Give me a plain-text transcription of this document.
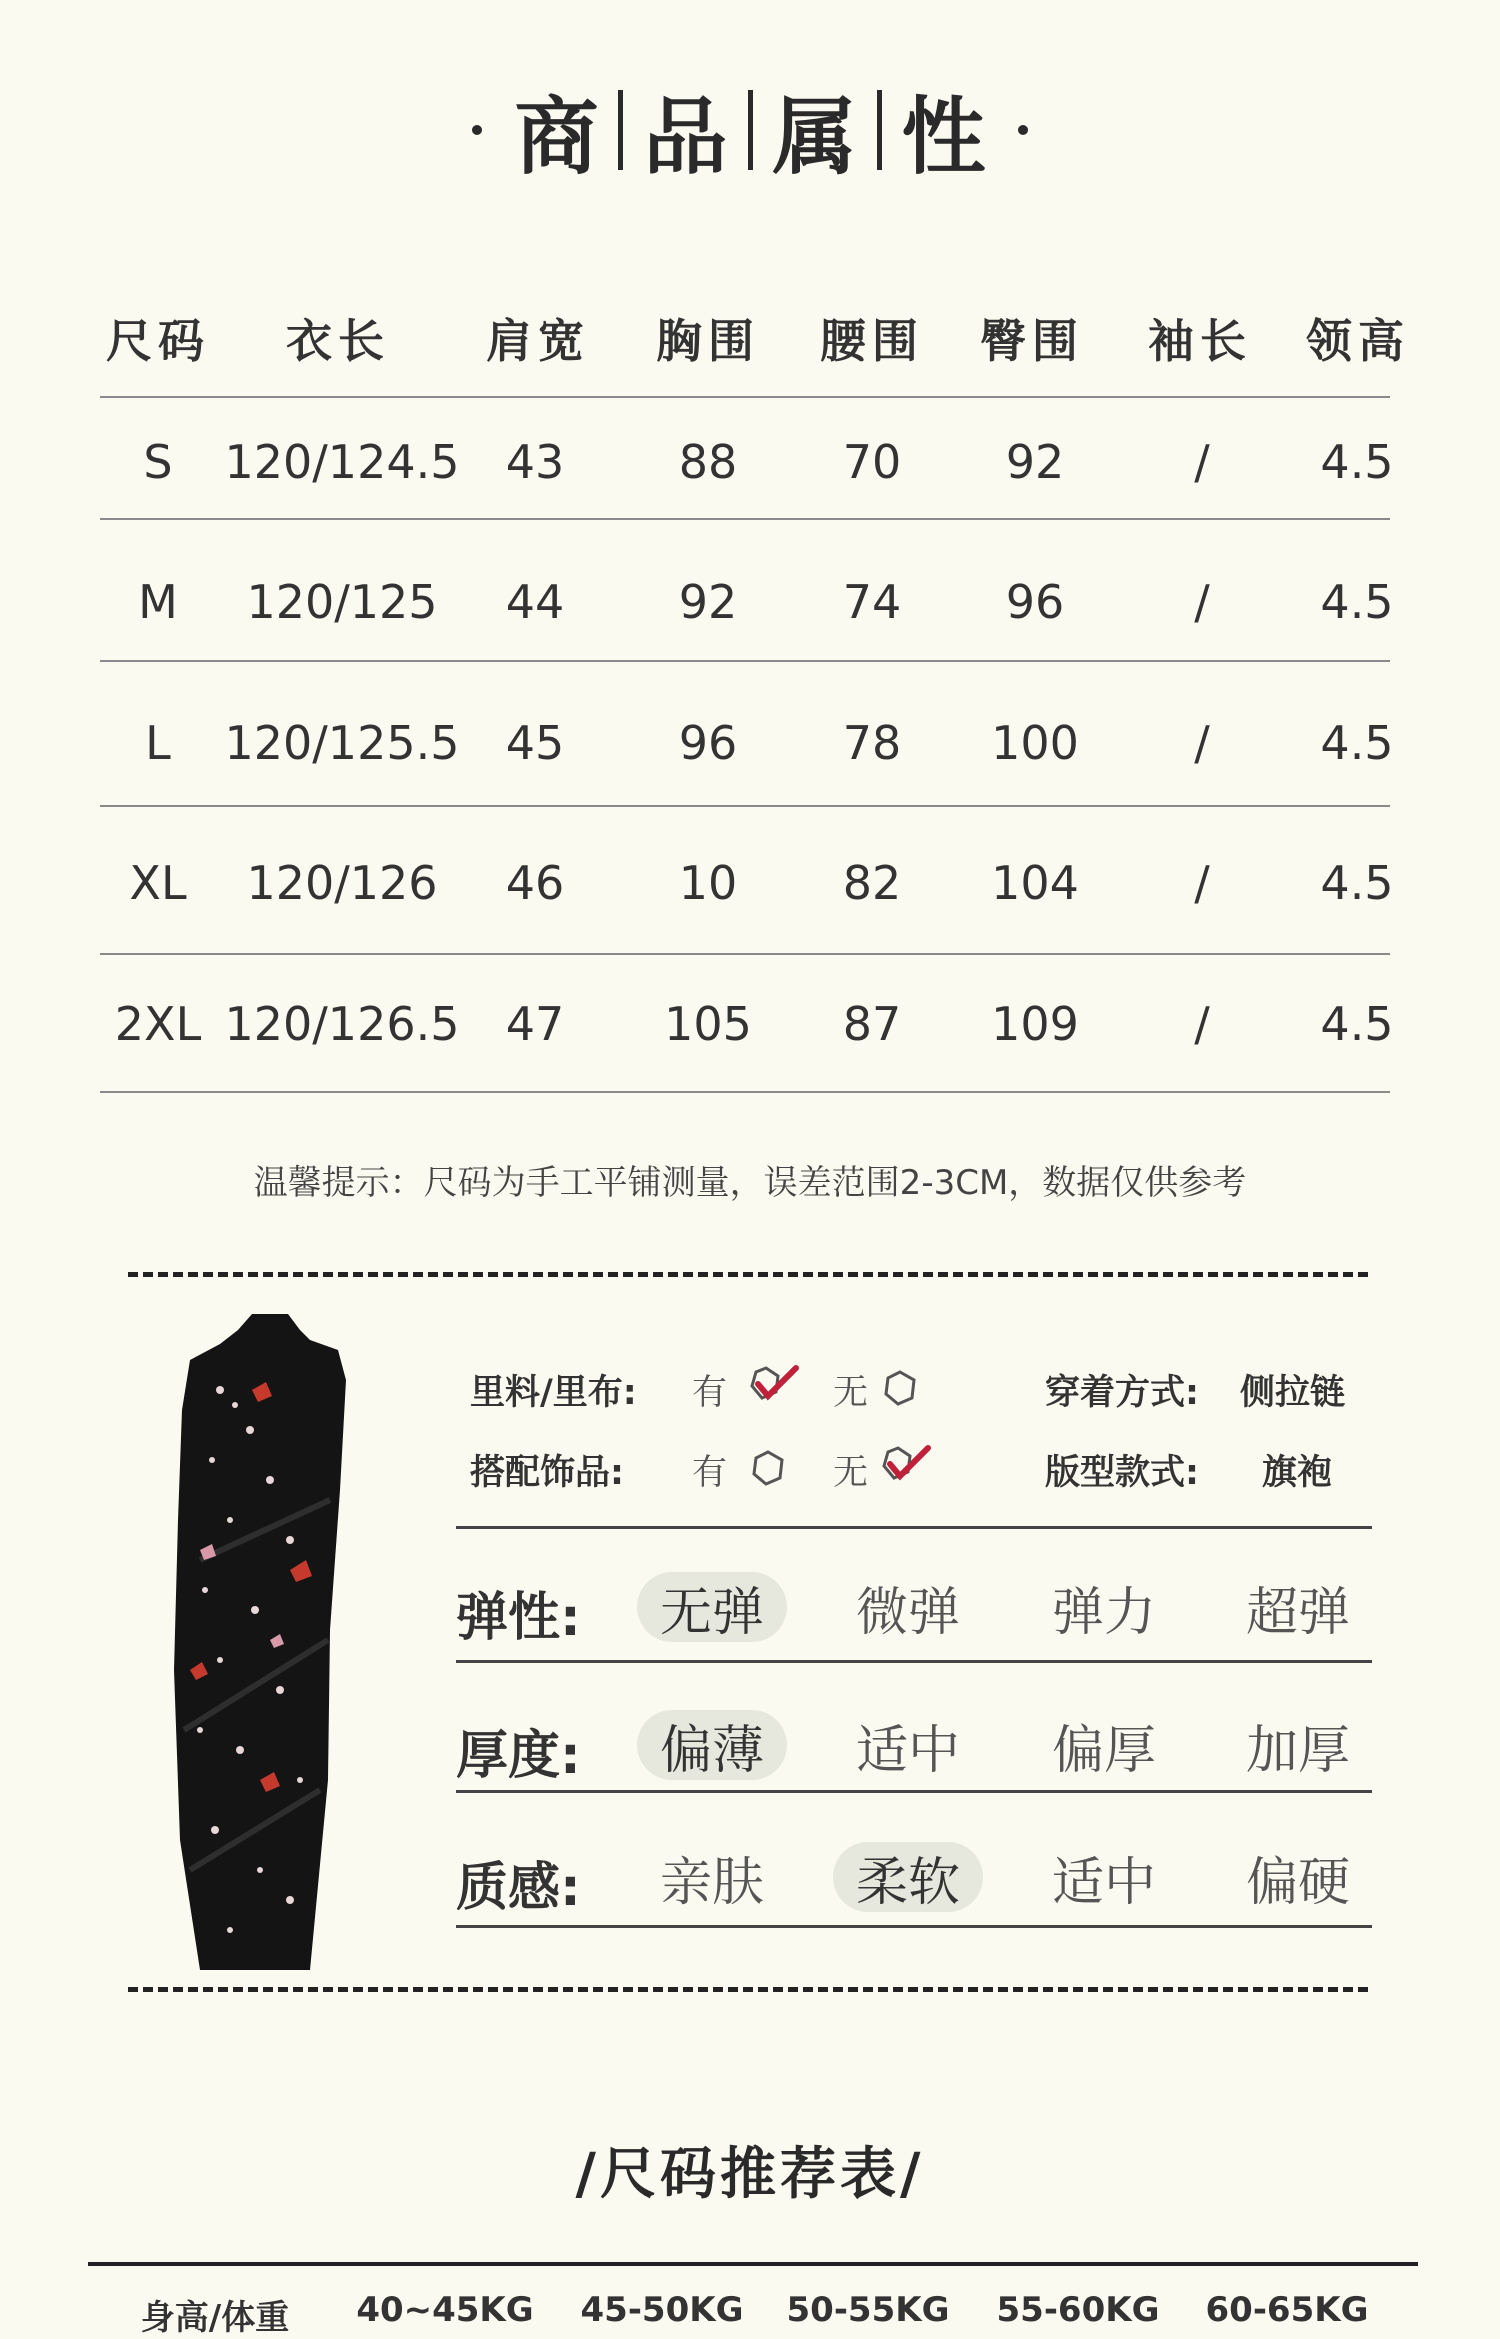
商 品 属 性
尺码 衣长 肩宽 胸围 腰围 臀围 袖长 领高
S 120/124.5 43 88 70 92	/ 4.5
M 120/125 44 92 74 96	/ 4.5
L 120/125.5 45 96 78 100	/ 4.5
XL 120/126 46 10 82 104	/ 4.5
2XL 120/126.5 47 105 87 109	/ 4.5
温馨提示：尺码为手工平铺测量，误差范围2-3CM，数据仅供参考
里料/里布: 有	无	穿着方式: 侧拉链
搭配饰品: 有	无	版型款式: 旗袍
弹性:	无弹	微弹	弹力	超弹
厚度:	偏薄	适中	偏厚	加厚
质感:	亲肤	柔软	适中	偏硬
/尺码推荐表/
身高/体重 40~45KG 45-50KG 50-55KG 55-60KG 60-65KG
